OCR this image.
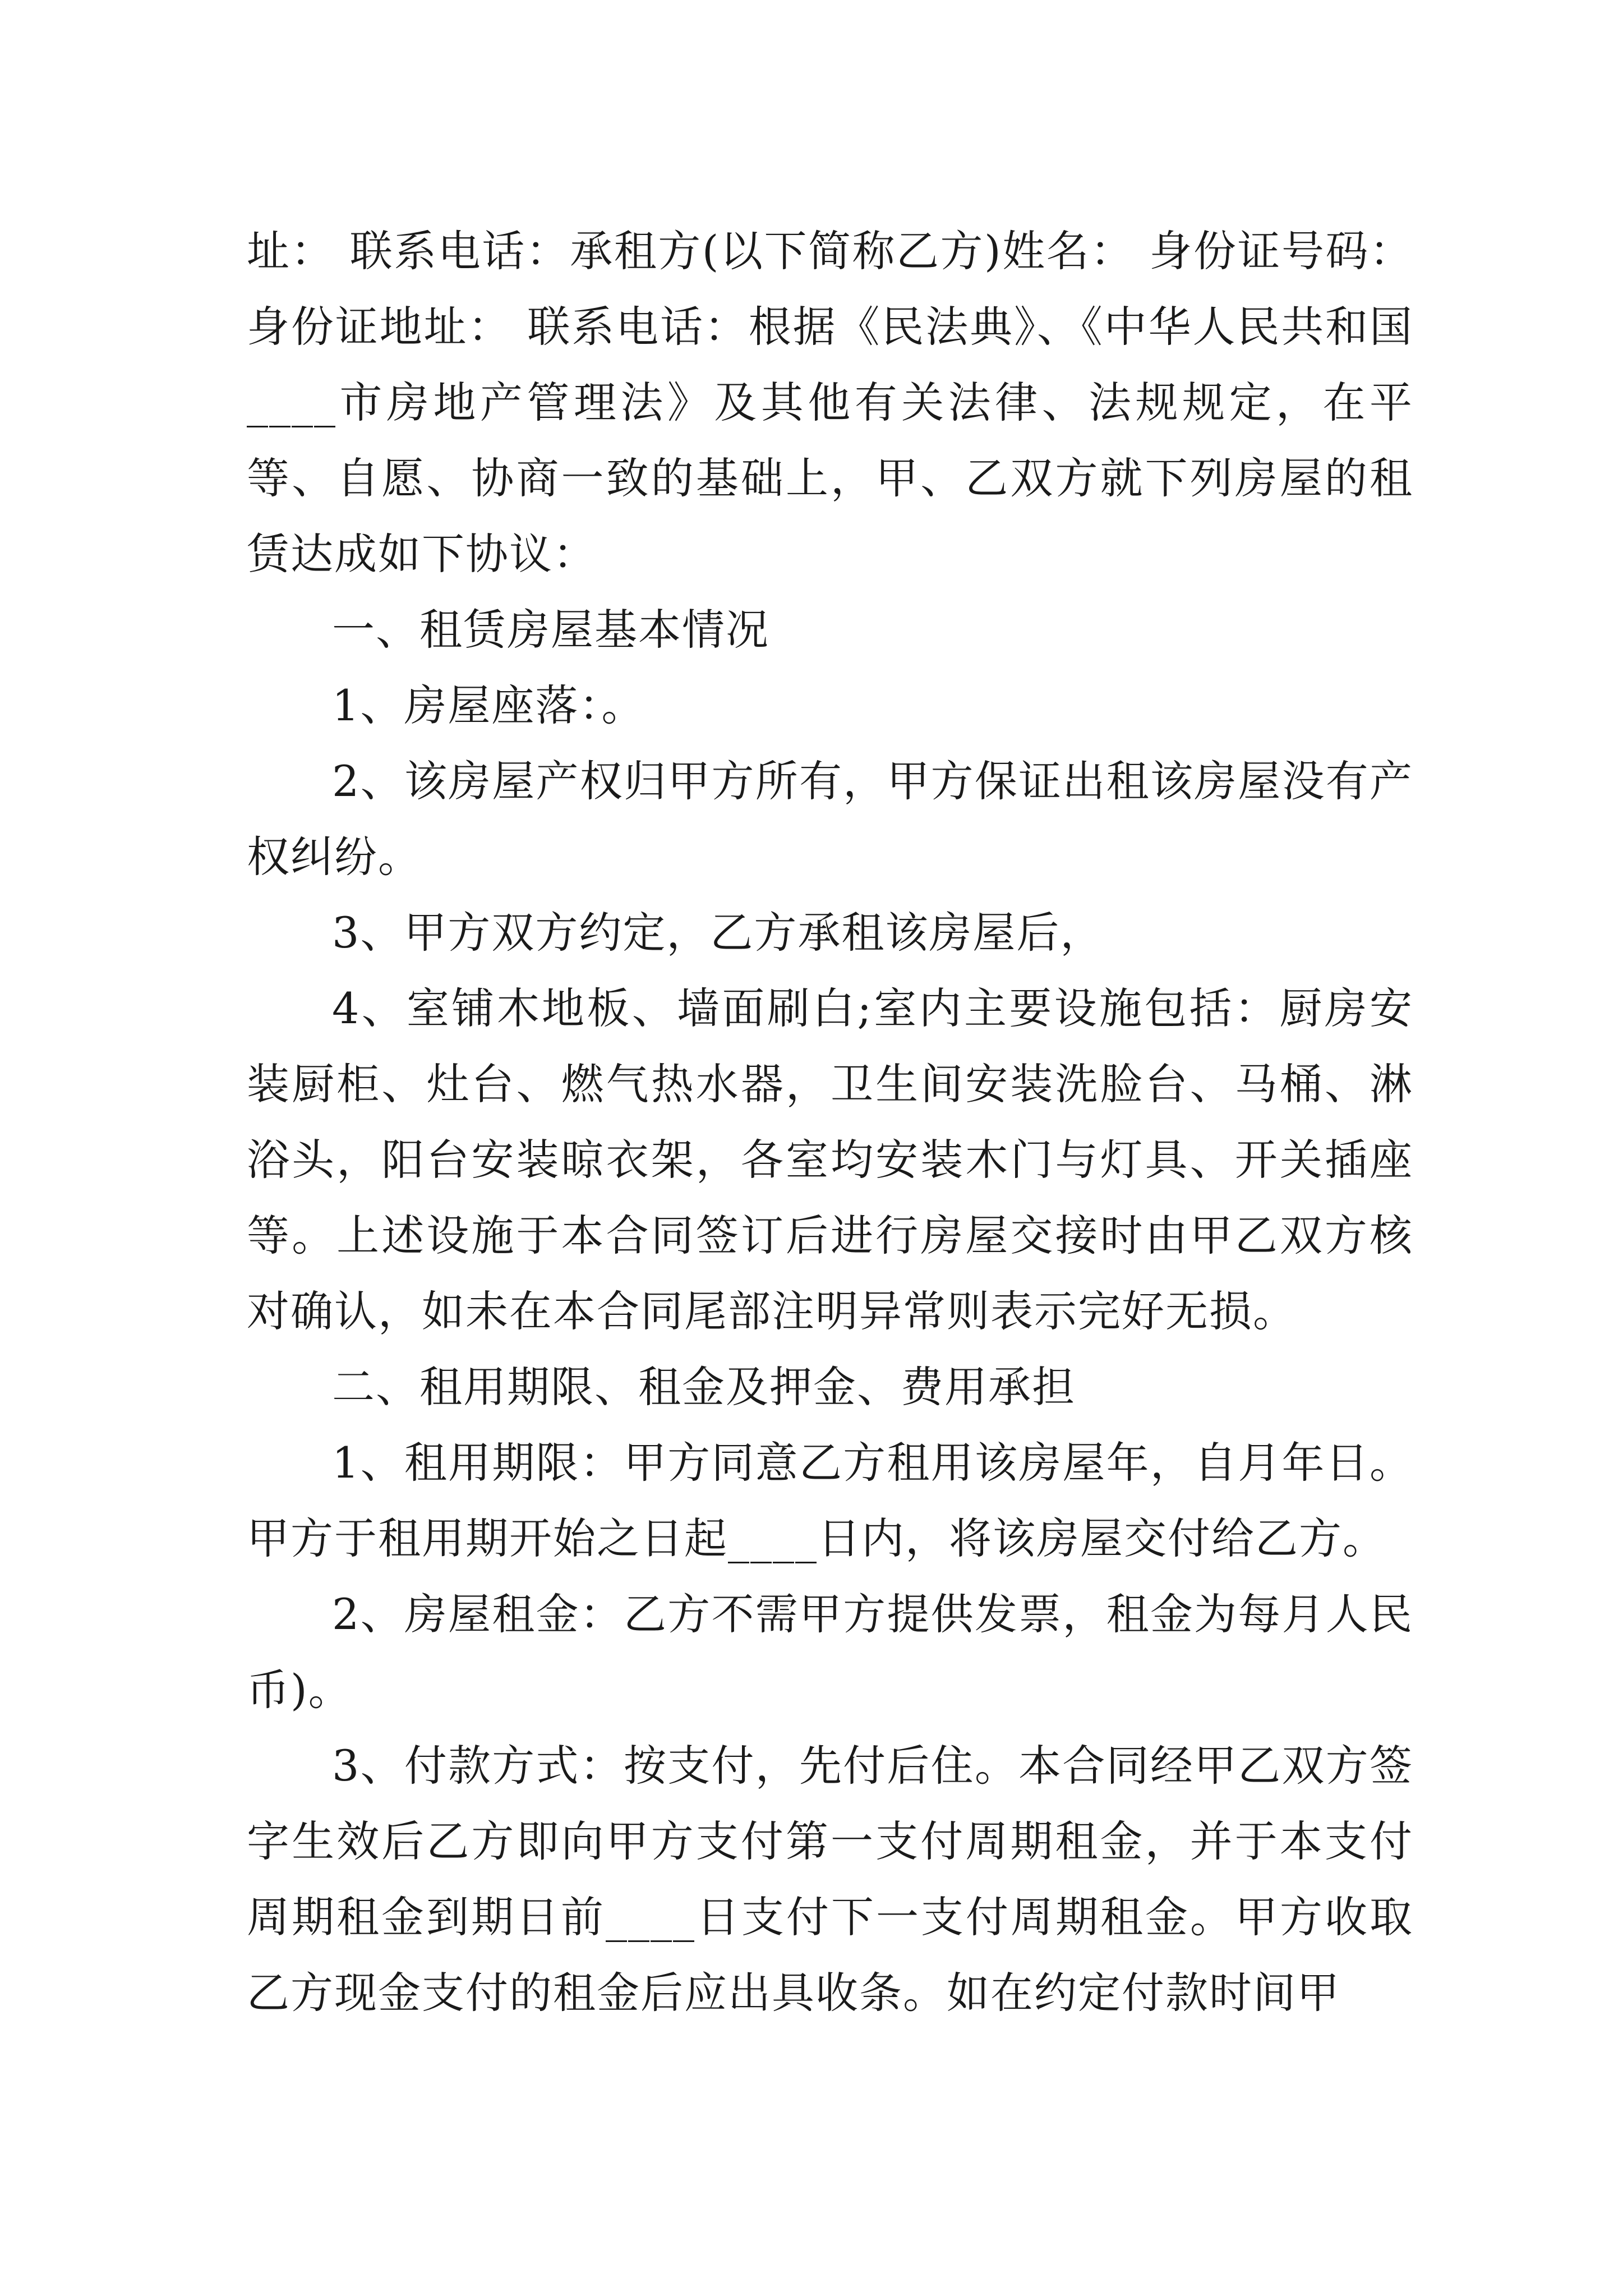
址： 联系电话：承租方(以下简称乙方)姓名： 身份证号码：身份证地址： 联系电话：根据《民法典》、《中华人民共和国____市房地产管理法》及其他有关法律、法规规定，在平等、自愿、协商一致的基础上，甲、乙双方就下列房屋的租赁达成如下协议：

一、租赁房屋基本情况

1、房屋座落：。

2、该房屋产权归甲方所有，甲方保证出租该房屋没有产权纠纷。

3、甲方双方约定，乙方承租该房屋后，

4、室铺木地板、墙面刷白;室内主要设施包括：厨房安装厨柜、灶台、燃气热水器，卫生间安装洗脸台、马桶、淋浴头，阳台安装晾衣架，各室均安装木门与灯具、开关插座等。上述设施于本合同签订后进行房屋交接时由甲乙双方核对确认，如未在本合同尾部注明异常则表示完好无损。

二、租用期限、租金及押金、费用承担

1、租用期限：甲方同意乙方租用该房屋年，自月年日。甲方于租用期开始之日起____日内，将该房屋交付给乙方。

2、房屋租金：乙方不需甲方提供发票，租金为每月人民币)。

3、付款方式：按支付，先付后住。本合同经甲乙双方签字生效后乙方即向甲方支付第一支付周期租金，并于本支付周期租金到期日前____日支付下一支付周期租金。甲方收取乙方现金支付的租金后应出具收条。如在约定付款时间甲
